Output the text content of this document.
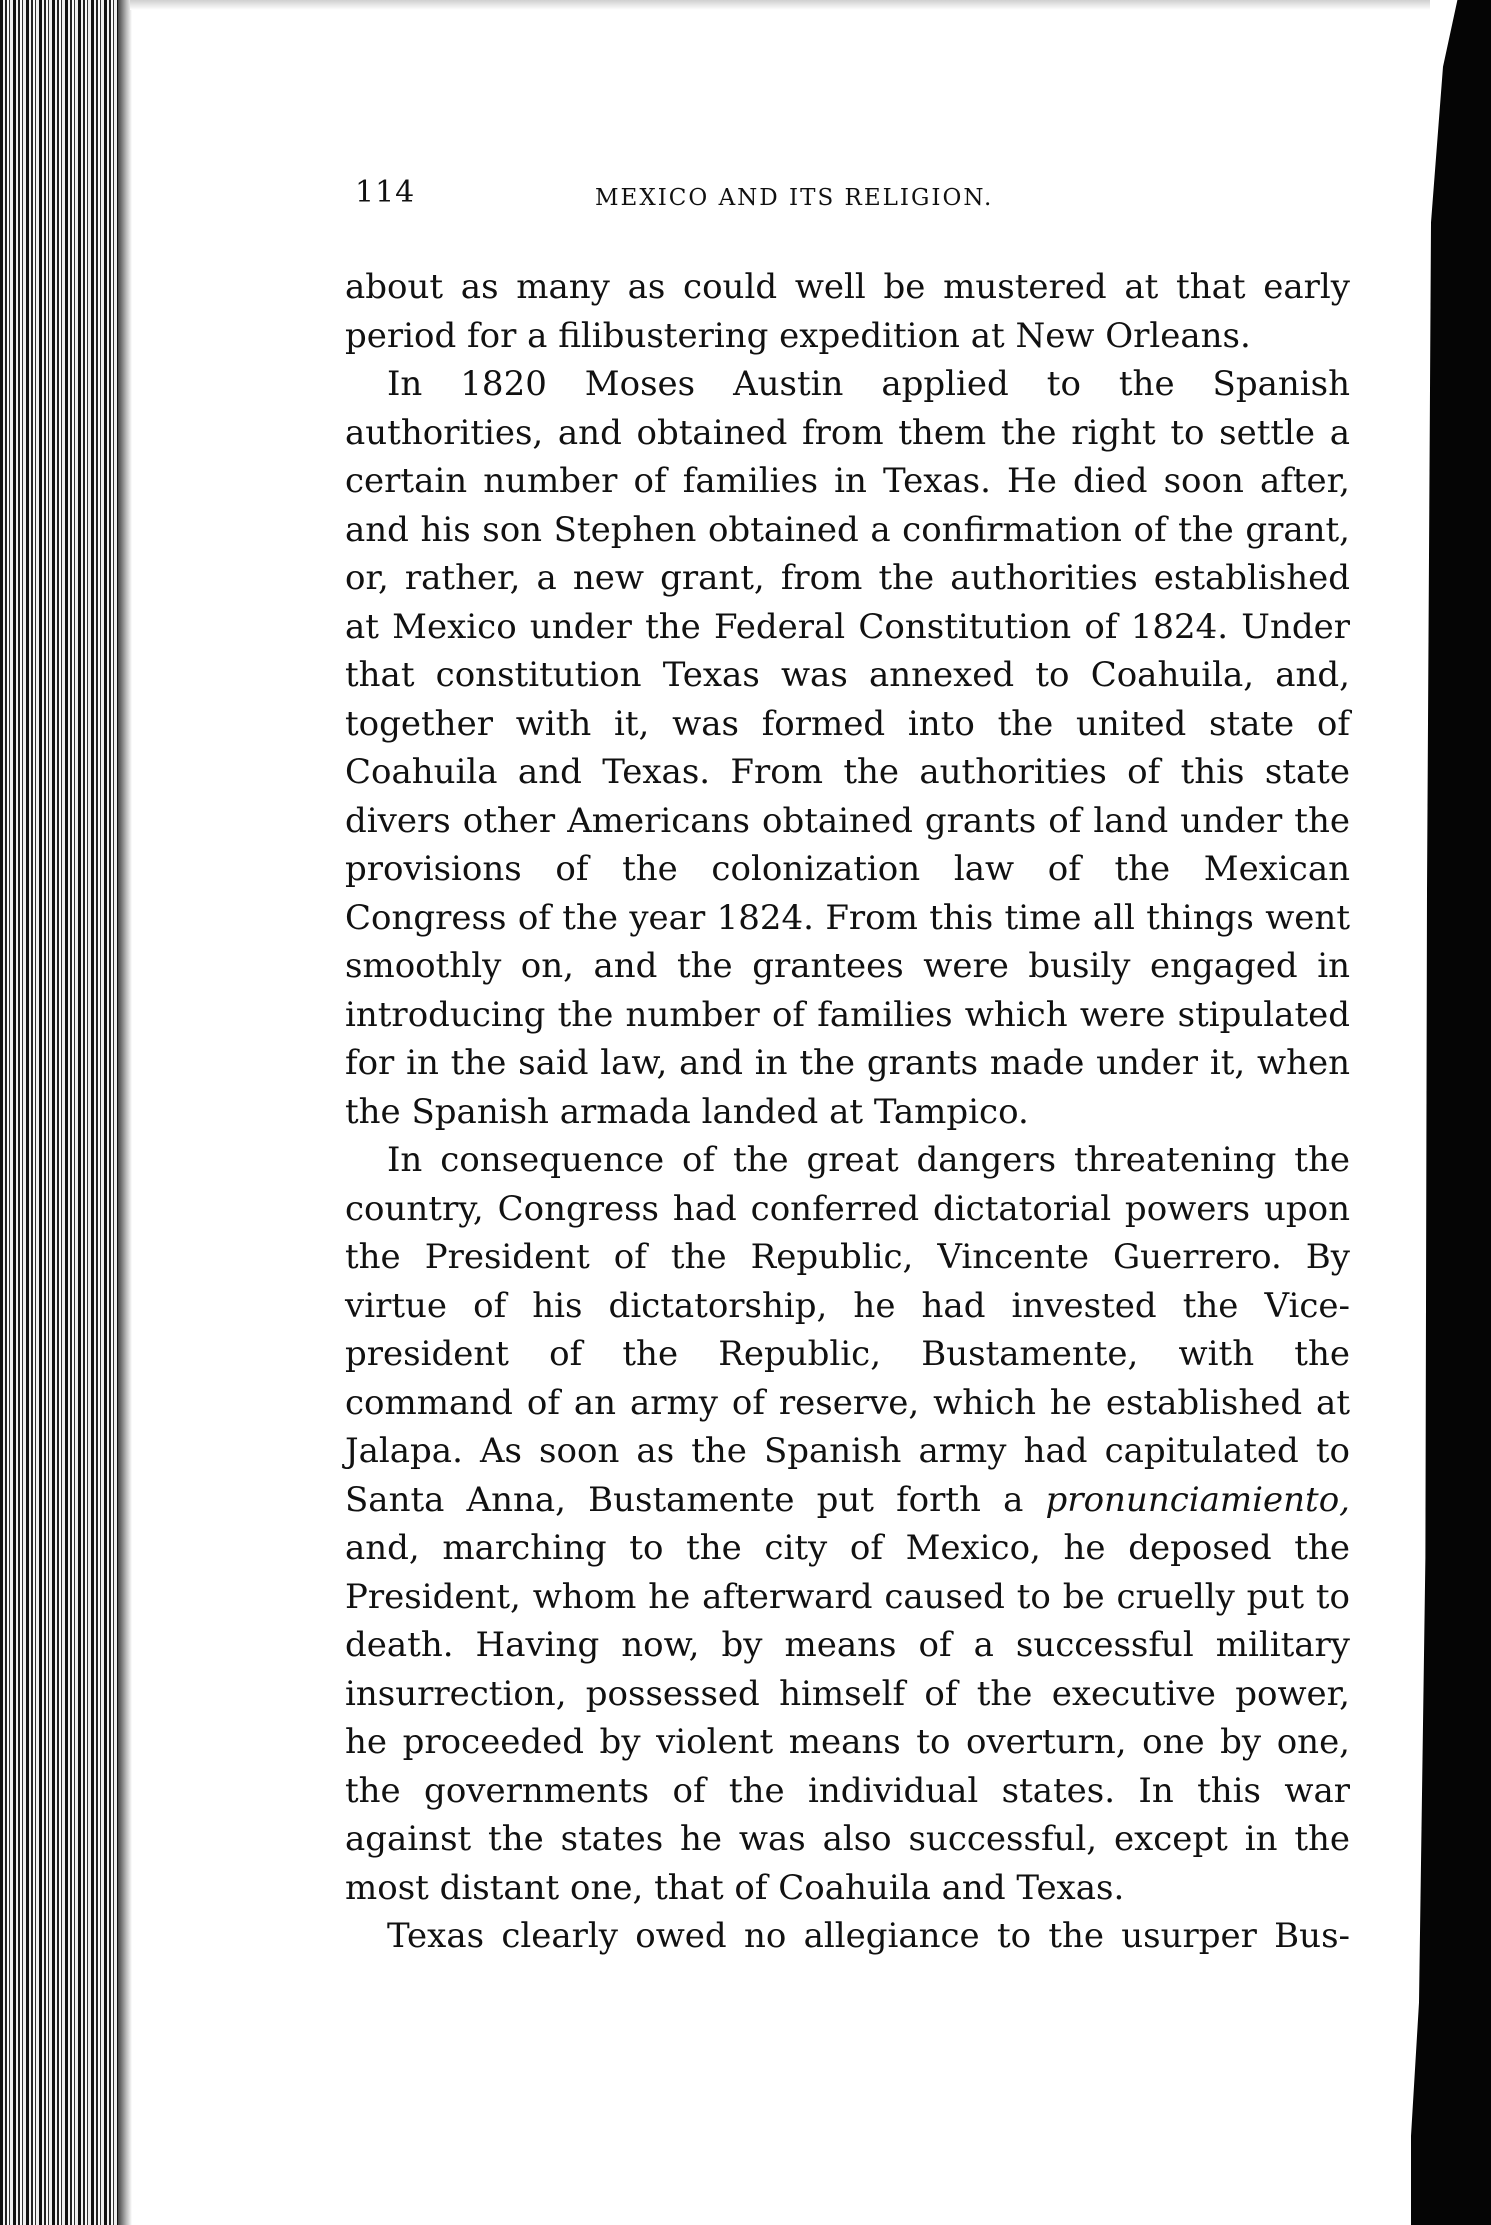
114	MEXICO AND ITS RELIGION.

about as many as could well be mustered at that early period for a filibustering expedition at New Orleans.

In 1820 Moses Austin applied to the Spanish authorities, and obtained from them the right to settle a certain number of families in Texas. He died soon after, and his son Stephen obtained a confirmation of the grant, or, rather, a new grant, from the authorities established at Mexico under the Federal Constitution of 1824. Under that constitution Texas was annexed to Coahuila, and, together with it, was formed into the united state of Coahuila and Texas. From the authorities of this state divers other Americans obtained grants of land under the provisions of the colonization law of the Mexican Congress of the year 1824. From this time all things went smoothly on, and the grantees were busily engaged in introducing the number of families which were stipulated for in the said law, and in the grants made under it, when the Spanish armada landed at Tampico.

In consequence of the great dangers threatening the country, Congress had conferred dictatorial powers upon the President of the Republic, Vincente Guerrero. By virtue of his dictatorship, he had invested the Vice-president of the Republic, Bustamente, with the command of an army of reserve, which he established at Jalapa. As soon as the Spanish army had capitulated to Santa Anna, Bustamente put forth a pronunciamiento, and, marching to the city of Mexico, he deposed the President, whom he afterward caused to be cruelly put to death. Having now, by means of a successful military insurrection, possessed himself of the executive power, he proceeded by violent means to overturn, one by one, the governments of the individual states. In this war against the states he was also successful, except in the most distant one, that of Coahuila and Texas.

Texas clearly owed no allegiance to the usurper Bus-
